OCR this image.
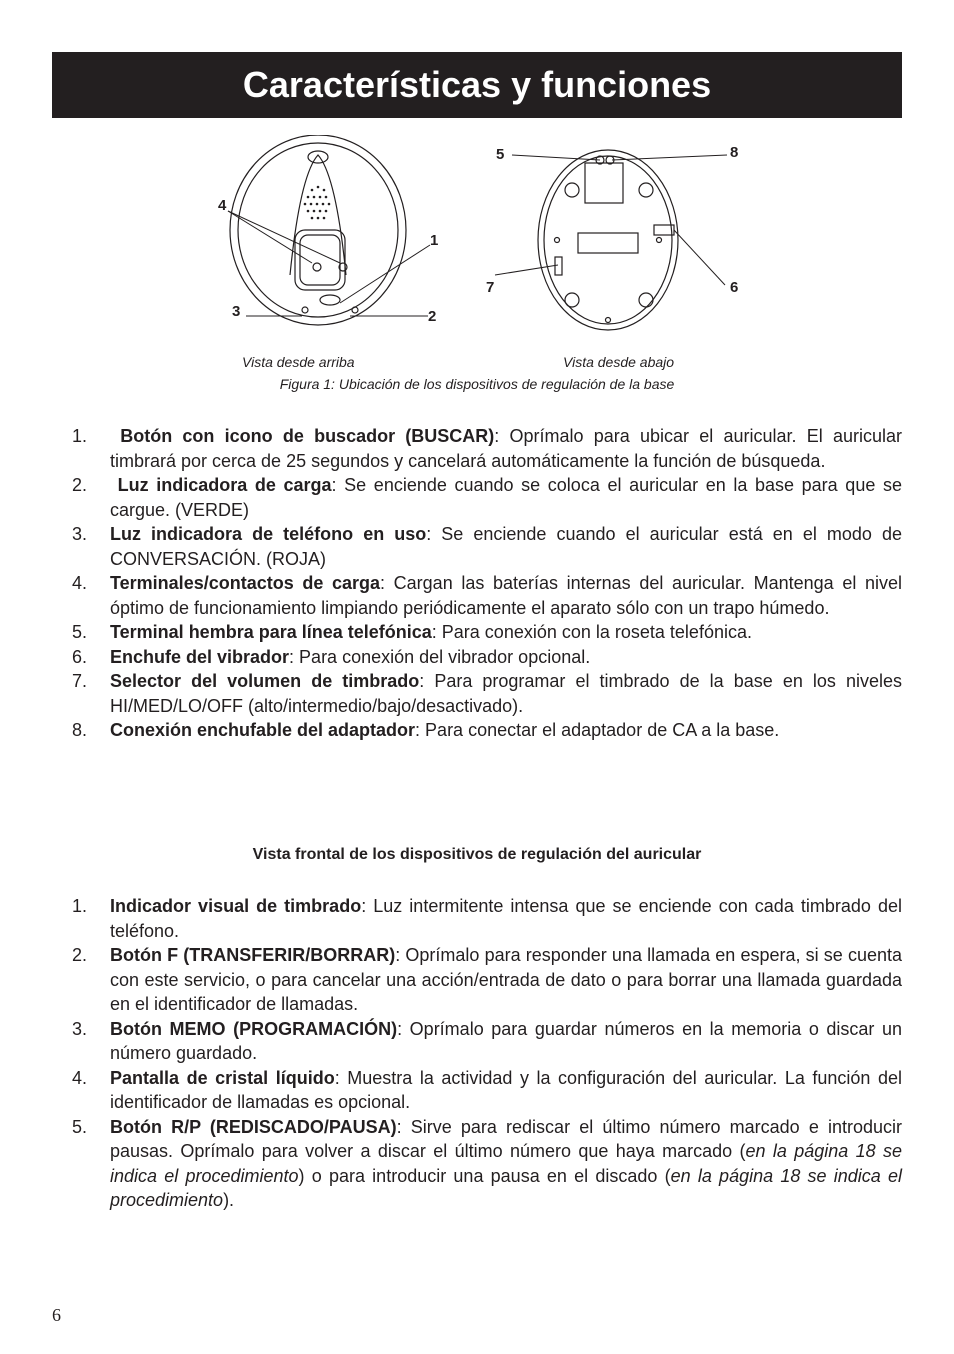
Características y funciones
4
1
3	2
5	8
7	6
Vista desde arriba	Vista desde abajo
Figura 1: Ubicación de los dispositivos de regulación de la base
1. Botón con icono de buscador (BUSCAR): Oprímalo para ubicar el auricular. El auricular timbrará por cerca de 25 segundos y cancelará automáticamente la función de búsqueda.
2. Luz indicadora de carga: Se enciende cuando se coloca el auricular en la base para que se cargue. (VERDE)
3. Luz indicadora de teléfono en uso: Se enciende cuando el auricular está en el modo de CONVERSACIÓN. (ROJA)
4. Terminales/contactos de carga: Cargan las baterías internas del auricular. Mantenga el nivel óptimo de funcionamiento limpiando periódicamente el aparato sólo con un trapo húmedo.
5. Terminal hembra para línea telefónica: Para conexión con la roseta telefónica.
6. Enchufe del vibrador: Para conexión del vibrador opcional.
7. Selector del volumen de timbrado: Para programar el timbrado de la base en los niveles HI/MED/LO/OFF (alto/intermedio/bajo/desactivado).
8. Conexión enchufable del adaptador: Para conectar el adaptador de CA a la base.
Vista frontal de los dispositivos de regulación del auricular
1. Indicador visual de timbrado: Luz intermitente intensa que se enciende con cada timbrado del teléfono.
2. Botón F (TRANSFERIR/BORRAR): Oprímalo para responder una llamada en espera, si se cuenta con este servicio, o para cancelar una acción/entrada de dato o para borrar una llamada guardada en el identificador de llamadas.
3. Botón MEMO (PROGRAMACIÓN): Oprímalo para guardar números en la memoria o discar un número guardado.
4. Pantalla de cristal líquido: Muestra la actividad y la configuración del auricular. La función del identificador de llamadas es opcional.
5. Botón R/P (REDISCADO/PAUSA): Sirve para rediscar el último número marcado e introducir pausas. Oprímalo para volver a discar el último número que haya marcado (en la página 18 se indica el procedimiento) o para introducir una pausa en el discado (en la página 18 se indica el procedimiento).
6
